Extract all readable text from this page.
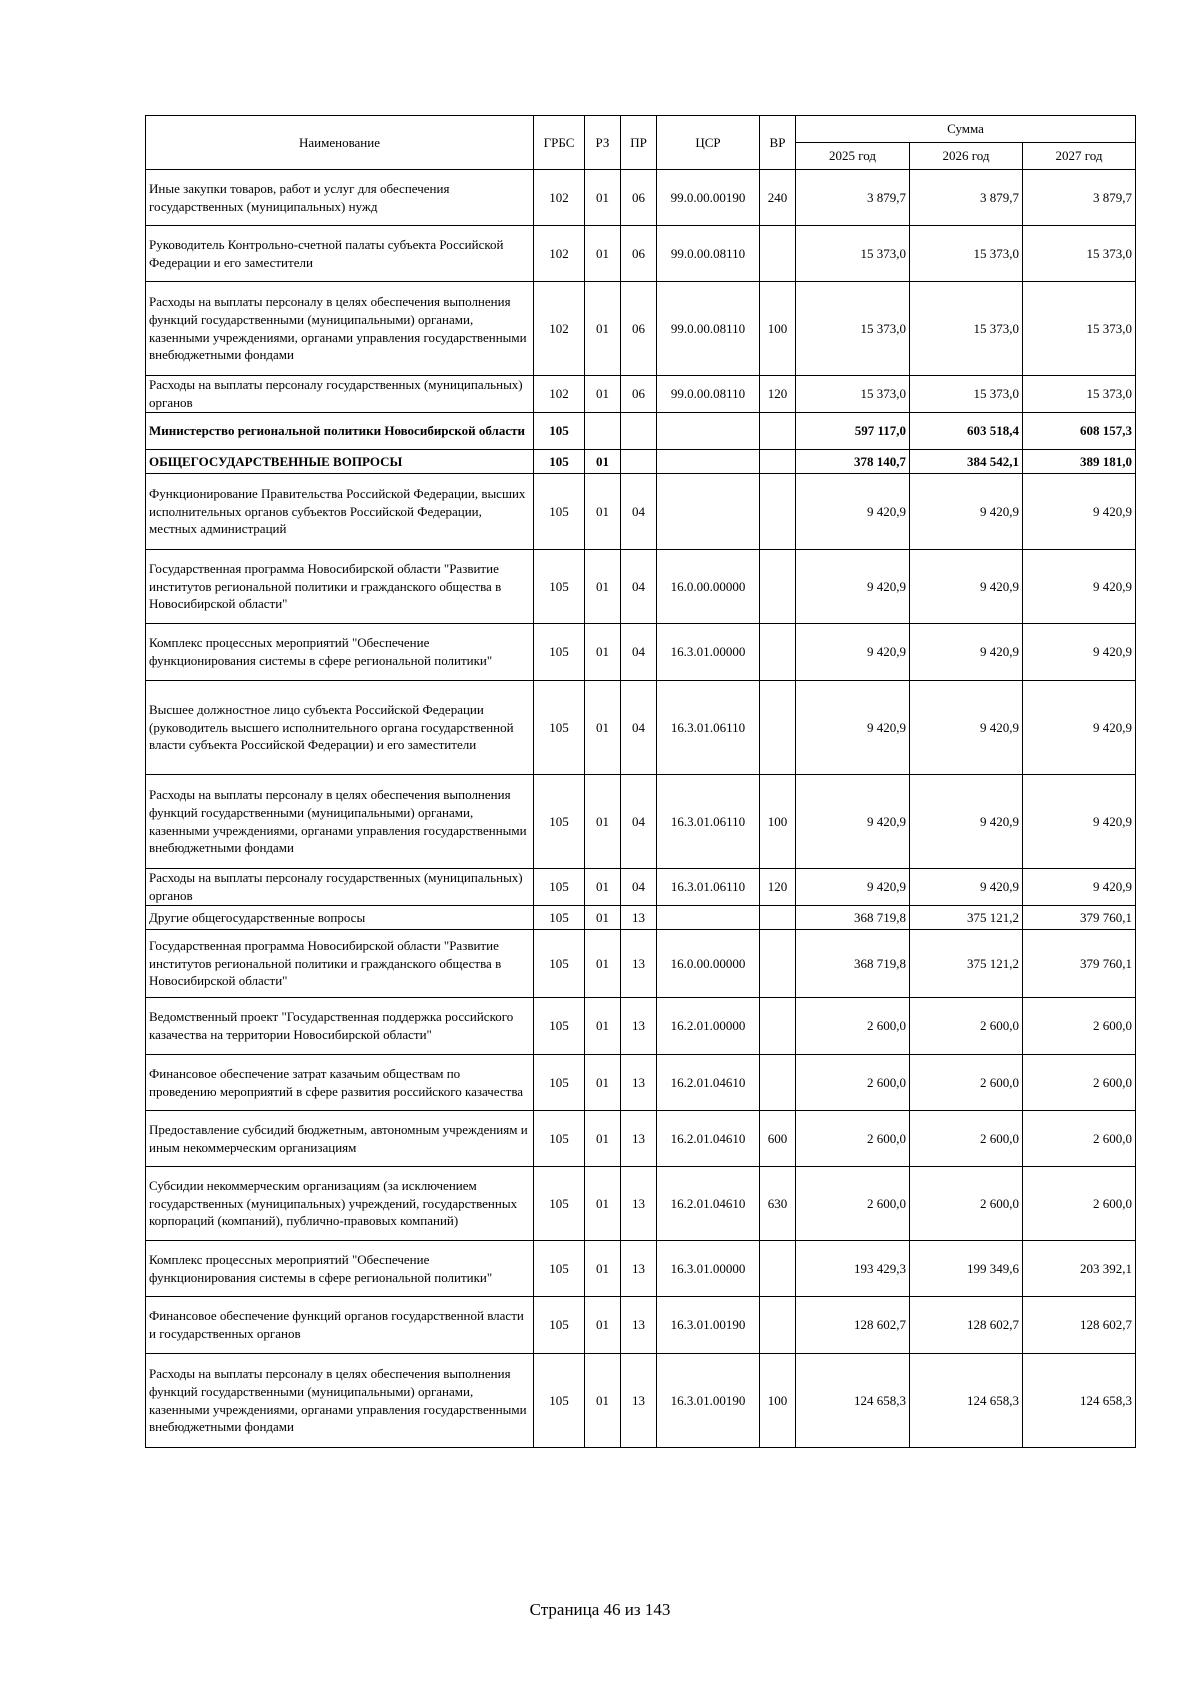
Наименование	ГРБС	РЗ	ПР	ЦСР	ВР	Сумма		
						2025 год	2026 год	2027 год
Иные закупки товаров, работ и услуг для обеспечения государственных (муниципальных) нужд	102	01	06	99.0.00.00190	240	3 879,7	3 879,7	3 879,7
Руководитель Контрольно-счетной палаты субъекта Российской Федерации и его заместители	102	01	06	99.0.00.08110		15 373,0	15 373,0	15 373,0
Расходы на выплаты персоналу в целях обеспечения выполнения функций государственными (муниципальными) органами, казенными учреждениями, органами управления государственными внебюджетными фондами	102	01	06	99.0.00.08110	100	15 373,0	15 373,0	15 373,0
Расходы на выплаты персоналу государственных (муниципальных) органов	102	01	06	99.0.00.08110	120	15 373,0	15 373,0	15 373,0
Министерство региональной политики Новосибирской области	105					597 117,0	603 518,4	608 157,3
ОБЩЕГОСУДАРСТВЕННЫЕ ВОПРОСЫ	105	01				378 140,7	384 542,1	389 181,0
Функционирование Правительства Российской Федерации, высших исполнительных органов субъектов Российской Федерации, местных администраций	105	01	04			9 420,9	9 420,9	9 420,9
Государственная программа Новосибирской области "Развитие институтов региональной политики и гражданского общества в Новосибирской области"	105	01	04	16.0.00.00000		9 420,9	9 420,9	9 420,9
Комплекс процессных мероприятий "Обеспечение функционирования системы в сфере региональной политики"	105	01	04	16.3.01.00000		9 420,9	9 420,9	9 420,9
Высшее должностное лицо субъекта Российской Федерации (руководитель высшего исполнительного органа государственной власти субъекта Российской Федерации) и его заместители	105	01	04	16.3.01.06110		9 420,9	9 420,9	9 420,9
Расходы на выплаты персоналу в целях обеспечения выполнения функций государственными (муниципальными) органами, казенными учреждениями, органами управления государственными внебюджетными фондами	105	01	04	16.3.01.06110	100	9 420,9	9 420,9	9 420,9
Расходы на выплаты персоналу государственных (муниципальных) органов	105	01	04	16.3.01.06110	120	9 420,9	9 420,9	9 420,9
Другие общегосударственные вопросы	105	01	13			368 719,8	375 121,2	379 760,1
Государственная программа Новосибирской области "Развитие институтов региональной политики и гражданского общества в Новосибирской области"	105	01	13	16.0.00.00000		368 719,8	375 121,2	379 760,1
Ведомственный проект "Государственная поддержка российского казачества на территории Новосибирской области"	105	01	13	16.2.01.00000		2 600,0	2 600,0	2 600,0
Финансовое обеспечение затрат казачьим обществам по проведению мероприятий в сфере развития российского казачества	105	01	13	16.2.01.04610		2 600,0	2 600,0	2 600,0
Предоставление субсидий бюджетным, автономным учреждениям и иным некоммерческим организациям	105	01	13	16.2.01.04610	600	2 600,0	2 600,0	2 600,0
Субсидии некоммерческим организациям (за исключением государственных (муниципальных) учреждений, государственных корпораций (компаний), публично-правовых компаний)	105	01	13	16.2.01.04610	630	2 600,0	2 600,0	2 600,0
Комплекс процессных мероприятий "Обеспечение функционирования системы в сфере региональной политики"	105	01	13	16.3.01.00000		193 429,3	199 349,6	203 392,1
Финансовое обеспечение функций органов государственной власти и государственных органов	105	01	13	16.3.01.00190		128 602,7	128 602,7	128 602,7
Расходы на выплаты персоналу в целях обеспечения выполнения функций государственными (муниципальными) органами, казенными учреждениями, органами управления государственными внебюджетными фондами	105	01	13	16.3.01.00190	100	124 658,3	124 658,3	124 658,3
Страница 46 из 143
